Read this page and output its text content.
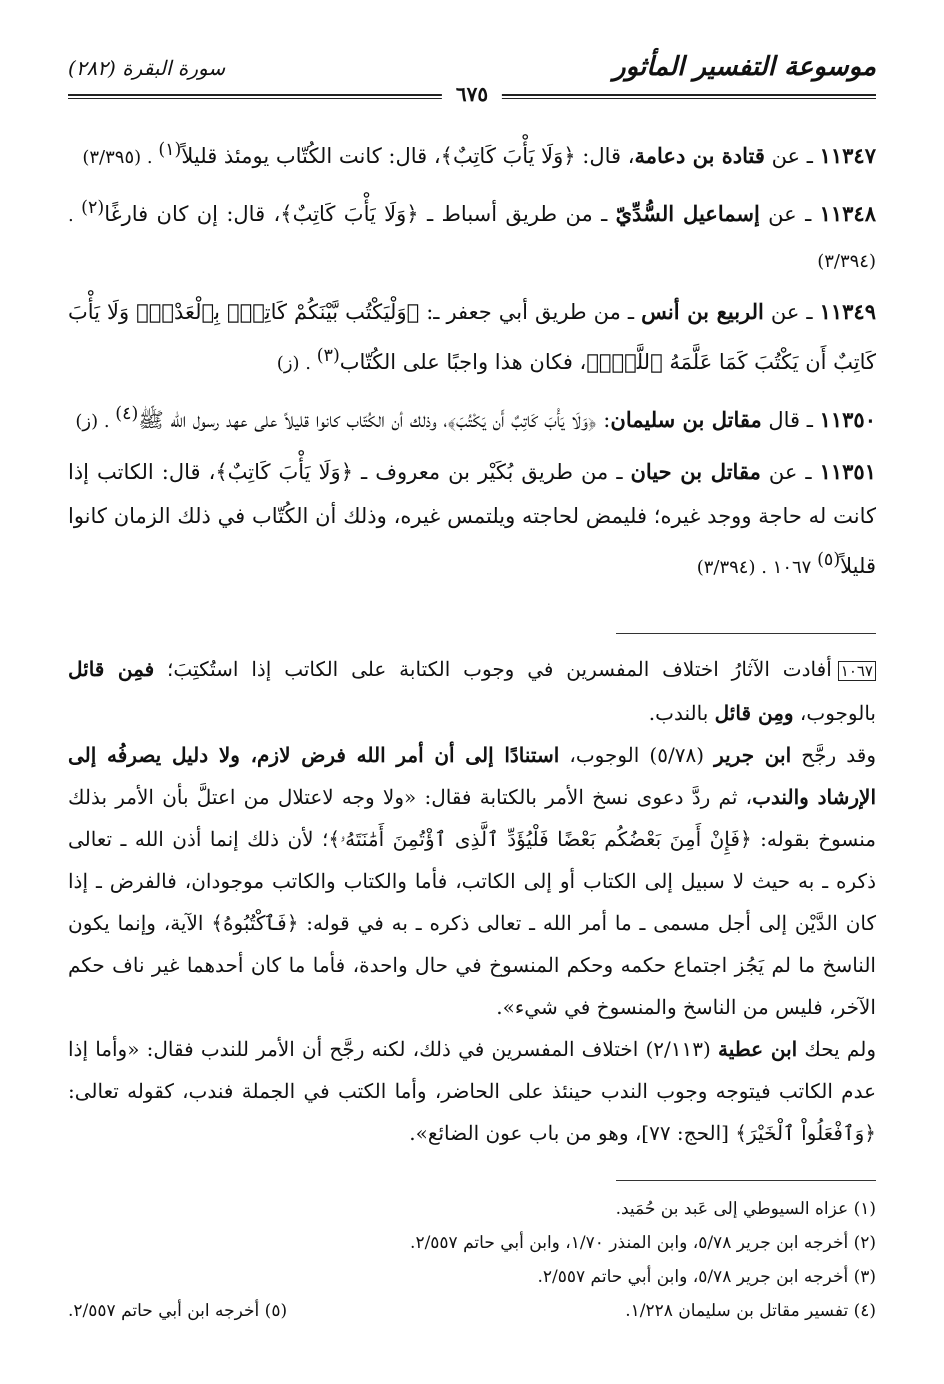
موسوعة التفسير المأثور
سورة البقرة (٢٨٢)
٦٧٥

١١٣٤٧ ـ عن قتادة بن دعامة، قال: ﴿وَلَا يَأْبَ كَاتِبٌ﴾، قال: كانت الكُتّاب يومئذ قليلاً$^{(١)}$ . (٣/٣٩٥)

١١٣٤٨ ـ عن إسماعيل السُّدِّيّ ـ من طريق أسباط ـ ﴿وَلَا يَأْبَ كَاتِبٌ﴾، قال: إن كان فارغًا$^{(٢)}$ . (٣/٣٩٤)

١١٣٤٩ ـ عن الربيع بن أنس ـ من طريق أبي جعفر ـ: ﴿وَلْيَكْتُب بَّيْنَكُمْ كَاتِبٌۢ بِٱلْعَدْلِۚ وَلَا يَأْبَ كَاتِبٌ أَن يَكْتُبَ كَمَا عَلَّمَهُ ٱللَّهُۚ﴾، فكان هذا واجبًا على الكُتّاب$^{(٣)}$ . (ز)

١١٣٥٠ ـ قال مقاتل بن سليمان: ﴿وَلَا يَأْبَ كَاتِبٌ أَن يَكْتُبَ﴾، وذلك أن الكُتّاب كانوا قليلاً على عهد رسول الله ﷺ$^{(٤)}$ . (ز)

١١٣٥١ ـ عن مقاتل بن حيان ـ من طريق بُكَيْر بن معروف ـ ﴿وَلَا يَأْبَ كَاتِبٌ﴾، قال: الكاتب إذا كانت له حاجة ووجد غيره؛ فليمض لحاجته ويلتمس غيره، وذلك أن الكُتّاب في ذلك الزمان كانوا قليلاً$^{(٥)}$ ١٠٦٧ . (٣/٣٩٤)

١٠٦٧أفادت الآثارُ اختلاف المفسرين في وجوب الكتابة على الكاتب إذا استُكتِبَ؛ فمِن قائل بالوجوب، ومِن قائل بالندب.

وقد رجَّح ابن جرير (٥/٧٨) الوجوب، استنادًا إلى أن أمر الله فرض لازم، ولا دليل يصرفُه إلى الإرشاد والندب، ثم ردَّ دعوى نسخ الأمر بالكتابة فقال: «ولا وجه لاعتلال من اعتلَّ بأن الأمر بذلك منسوخ بقوله: ﴿فَإِنْ أَمِنَ بَعْضُكُم بَعْضًا فَلْيُؤَدِّ ٱلَّذِى ٱؤْتُمِنَ أَمَٰنَتَهُۥ﴾؛ لأن ذلك إنما أذن الله ـ تعالى ذكره ـ به حيث لا سبيل إلى الكتاب أو إلى الكاتب، فأما والكتاب والكاتب موجودان، فالفرض ـ إذا كان الدَّيْن إلى أجل مسمى ـ ما أمر الله ـ تعالى ذكره ـ به في قوله: ﴿فَٱكْتُبُوهُ﴾ الآية، وإنما يكون الناسخ ما لم يَجُز اجتماع حكمه وحكم المنسوخ في حال واحدة، فأما ما كان أحدهما غير ناف حكم الآخر، فليس من الناسخ والمنسوخ في شيء».

ولم يحك ابن عطية (٢/١١٣) اختلاف المفسرين في ذلك، لكنه رجَّح أن الأمر للندب فقال: «وأما إذا عدم الكاتب فيتوجه وجوب الندب حينئذ على الحاضر، وأما الكتب في الجملة فندب، كقوله تعالى: ﴿وَٱفْعَلُواْ ٱلْخَيْرَ﴾ [الحج: ٧٧]، وهو من باب عون الضائع».

(١) عزاه السيوطي إلى عَبد بن حُمَيد.
(٢) أخرجه ابن جرير ٥/٧٨، وابن المنذر ١/٧٠، وابن أبي حاتم ٢/٥٥٧.
(٣) أخرجه ابن جرير ٥/٧٨، وابن أبي حاتم ٢/٥٥٧.
(٤) تفسير مقاتل بن سليمان ١/٢٢٨.
(٥) أخرجه ابن أبي حاتم ٢/٥٥٧.
